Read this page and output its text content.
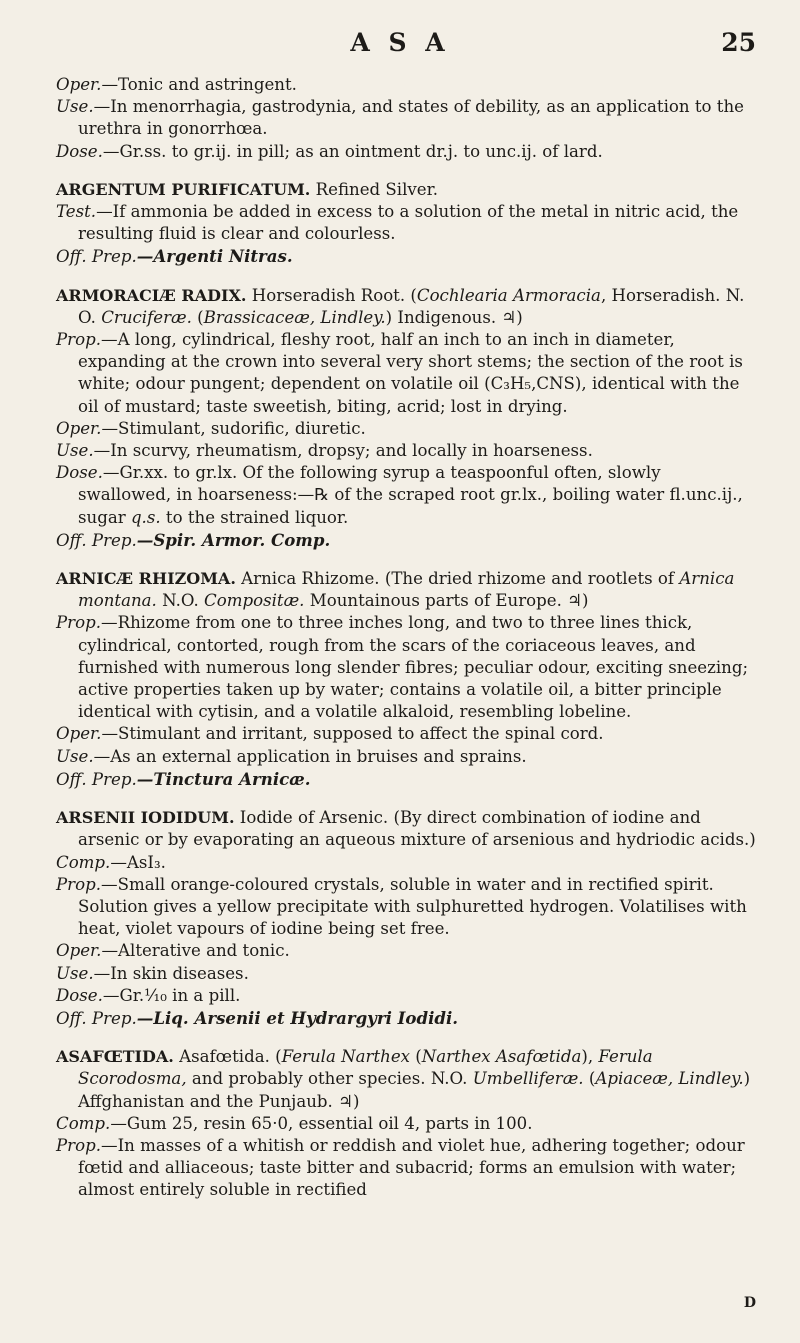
A S A	25

Oper.—Tonic and astringent.

Use.—In menorrhagia, gastrodynia, and states of debility, as an application to the urethra in gonorrhœa.

Dose.—Gr.ss. to gr.ij. in pill; as an ointment dr.j. to unc.ij. of lard.

ARGENTUM PURIFICATUM. Refined Silver.

Test.—If ammonia be added in excess to a solution of the metal in nitric acid, the resulting fluid is clear and colourless.

Off. Prep.—Argenti Nitras.

ARMORACIÆ RADIX. Horseradish Root. (Cochlearia Armoracia, Horseradish. N. O. Cruciferæ. (Brassicaceæ, Lindley.) Indigenous. ♃)

Prop.—A long, cylindrical, fleshy root, half an inch to an inch in diameter, expanding at the crown into several very short stems; the section of the root is white; odour pungent; dependent on volatile oil (C₃H₅,CNS), identical with the oil of mustard; taste sweetish, biting, acrid; lost in drying.

Oper.—Stimulant, sudorific, diuretic.

Use.—In scurvy, rheumatism, dropsy; and locally in hoarseness.

Dose.—Gr.xx. to gr.lx. Of the following syrup a teaspoonful often, slowly swallowed, in hoarseness:—℞ of the scraped root gr.lx., boiling water fl.unc.ij., sugar q.s. to the strained liquor.

Off. Prep.—Spir. Armor. Comp.

ARNICÆ RHIZOMA. Arnica Rhizome. (The dried rhizome and rootlets of Arnica montana. N.O. Compositæ. Mountainous parts of Europe. ♃)

Prop.—Rhizome from one to three inches long, and two to three lines thick, cylindrical, contorted, rough from the scars of the coriaceous leaves, and furnished with numerous long slender fibres; peculiar odour, exciting sneezing; active properties taken up by water; contains a volatile oil, a bitter principle identical with cytisin, and a volatile alkaloid, resembling lobeline.

Oper.—Stimulant and irritant, supposed to affect the spinal cord.

Use.—As an external application in bruises and sprains.

Off. Prep.—Tinctura Arnicæ.

ARSENII IODIDUM. Iodide of Arsenic. (By direct combination of iodine and arsenic or by evaporating an aqueous mixture of arsenious and hydriodic acids.)

Comp.—AsI₃.

Prop.—Small orange-coloured crystals, soluble in water and in rectified spirit. Solution gives a yellow precipitate with sulphuretted hydrogen. Volatilises with heat, violet vapours of iodine being set free.

Oper.—Alterative and tonic.

Use.—In skin diseases.

Dose.—Gr.¹⁄₁₀ in a pill.

Off. Prep.—Liq. Arsenii et Hydrargyri Iodidi.

ASAFŒTIDA. Asafœtida. (Ferula Narthex (Narthex Asafœtida), Ferula Scorodosma, and probably other species. N.O. Umbelliferæ. (Apiaceæ, Lindley.) Affghanistan and the Punjaub. ♃)

Comp.—Gum 25, resin 65·0, essential oil 4, parts in 100.

Prop.—In masses of a whitish or reddish and violet hue, adhering together; odour fœtid and alliaceous; taste bitter and subacrid; forms an emulsion with water; almost entirely soluble in rectified

D
